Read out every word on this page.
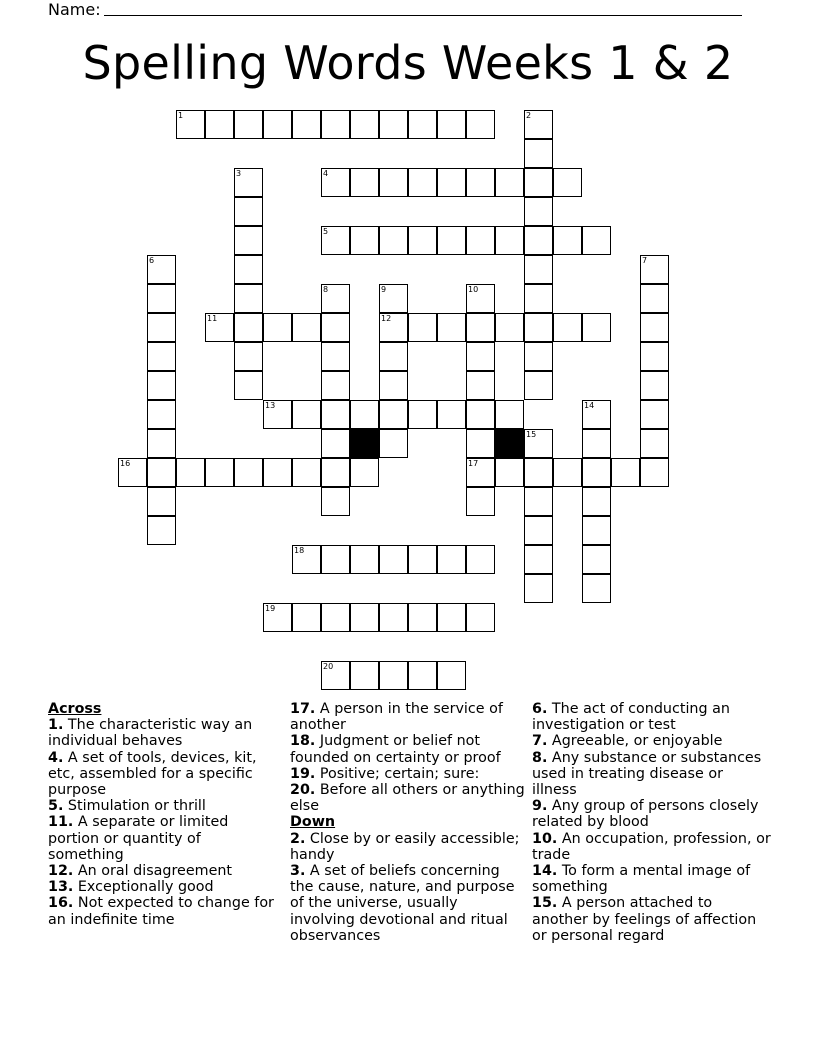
Name:
Spelling Words Weeks 1 & 2
1	2
3	4
5
6	7
8	9	10
11	12
13	14
15
16	17
18
19
20
Across
1. The characteristic way an individual behaves
4. A set of tools, devices, kit, etc, assembled for a specific purpose
5. Stimulation or thrill
11. A separate or limited portion or quantity of something
12. An oral disagreement
13. Exceptionally good
16. Not expected to change for an indefinite time
17. A person in the service of another
18. Judgment or belief not founded on certainty or proof
19. Positive; certain; sure:
20. Before all others or anything else
Down
2. Close by or easily accessible; handy
3. A set of beliefs concerning the cause, nature, and purpose of the universe, usually involving devotional and ritual observances
6. The act of conducting an investigation or test
7. Agreeable, or enjoyable
8. Any substance or substances used in treating disease or illness
9. Any group of persons closely related by blood
10. An occupation, profession, or trade
14. To form a mental image of something
15. A person attached to another by feelings of affection or personal regard
